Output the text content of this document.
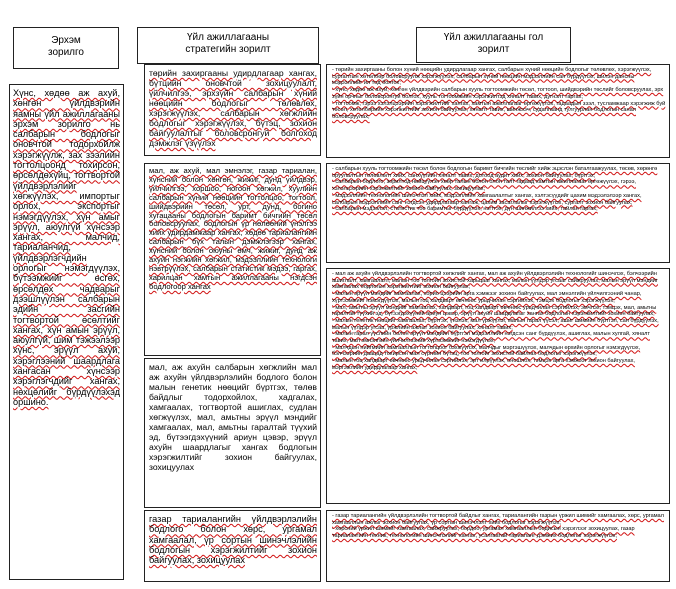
Эрхэм
зорилго
Хүнс, хөдөө аж ахуй, хөнгөн үйлдвэрийн яамны үйл ажиллагааны эрхэм зорилго нь салбарын бодлогыг оновчтой тодорхойлж хэрэгжүүлж, зах зээлийн тогтолцоонд тохирсон, өрсөлдөхүйц, тогтвортой үйлдвэрлэлийг хөгжүүлэх, импортыг орлох, экспортыг нэмэгдүүлэх, хүн амыг эрүүл, аюулгүй хүнсээр хангах, малчид, тариаланчид, үйлдвэрлэгчдийн орлогыг нэмэгдүүлэх, бүтээмжийг өсгөх, өрсөлдөх чадварыг дээшлүүлэн салбарын эдийн засгийн тогтвортой өсөлтийг хангах, хүн амын эрүүл, аюулгүй, шим тэжээлээр хүнс, эрүүл ахуй, хэрэглээний шаардлага хангасан хүнсээр хэрэглэгчдийг хангах, нөхцөлийг бүрдүүлэхэд оршино.
Үйл ажиллагааны
стратегийн зорилт
төрийн захиргааны удирдлагаар хангах, бүтцийн оновчтой зохицуулалт, үйлчилгээ, эрхзүйн салбарын хүний нөөцийн бодлогыг төлөвлөх, хэрэгжүүлэх, салбарын хөгжлийн бодлогыг хэрэгжүүлэх, бүтэц, зохион байгуулалтыг боловсронгуй болгоход дэмжлэг үзүүлэх
мал, аж ахуй, мал эмнэлэг, газар тариалан, хүнсний болон хөнгөн, жижиг, дунд үйлдвэр, үйлчилгээ, хоршоо, ногоон хөгжил, хуулийн салбарын хүний нөөцийн тогтолцоо, тогтоол, шийдвэрийн төсөл, урт, дунд, богино хугацааны бодлогын баримт бичгийн төсөл боловсруулах, бодлогын үр нөлөөний үнэлгээ хийх удирдамжаар хангах, хөдөө тариалангийн салбарын бүх талын дэмжлэгээр хангах, хүнсний болон оюуны өмч, жижиг, дунд аж ахуйн нэгжийн хөгжил, мэдээллийн технологи нэвтрүүлэх, салбарын статистик мэдээ, гаргах, харилцан хамтын ажиллагааны нэгдсэн бодлогоор хангах
мал, аж ахуйн салбарын хөгжлийн мал аж ахуйн үйлдвэрлэлийн бодлого болон малын генетик нөөцийг бүртгэх, төлөв байдлыг тодорхойлох, хадгалах, хамгаалах, тогтвортой ашиглах, судлан хөгжүүлэх, мал, амьтны эрүүл мэндийг хамгаалах, мал, амьтны гаралтай түүхий эд, бүтээгдэхүүний ариун цэвэр, эрүүл ахуйн шаардлагыг хангах бодлогын хэрэгжилтийг зохион байгуулах, зохицуулах
газар тариалангийн үйлдвэрлэлийн бодлого болон хөрс, ургамал хамгаалал, үр сортын шинэчлэлийн бодлогын хэрэгжилтийг зохион байгуулах, зохицуулах
Үйл ажиллагааны гол
зорилт

- төрийн захиргааны болон хүний нөөцийн удирдлагаар хангах, салбарын хүний нөөцийн бодлогыг төлөвлөх, хэрэгжүүлэх, сургалтын хөтөлбөр боловсруулж хэрэгжүүлэх, салбарын хүний нөөцийн мэдээллийн сан бүрдүүлэх, шилэн дансны мэдээллийг ил тод болгох;

- хүнс, хөдөө аж ахуй, хөнгөн үйлдвэрийн салбарын хууль тогтоомжийн төсөл, тогтоол, шийдвэрийн төслийг боловсруулах, эрх зүйн орчныг боловсронгуй болгох, хууль тогтоомжийн хэрэгжилтэд хяналт тавих, дүгнэлт гаргах;

- тогтоомж, гэрээ хэлэлцээрийн хэрэгжилтийг хангах, хамтын ажиллагааг өргөжүүлэх, гадаадын зээл, тусламжаар хэрэгжиж буй төсөл, хөтөлбөрийн хэрэгжилтийг зохион байгуулах, хяналт тавих, шинжээч, судалгаанд тулгуурлан бодлогын санал боловсруулах;

- салбарын хууль тогтоомжийн төсөл болон бодлогын баримт бичгийн төслийг хийж эцэслэн баталгаажуулах, төсөв, хөрөнгө оруулалтын төлөвлөлт хийх, санхүүгийн хяналт тавих, дотоод аудит хийх, зохион байгуулах, бүртгэх;

- салбарын бодлого, зорилтод нийцүүлэн хөөр талын болон олон талт гадаад хамтын ажиллагааг өргөжүүлэх, гэрээ, хэлэлцээрийн хэрэгжилтийг зохион байгуулах, зохицуулах;

- мэдээллийн технологийн шинэчлэл хийх, мэдээллийн хамгаалалтыг хангах, хэлтэсүүдийг цахим мэдээлэлээр хангах, салбарын мэдээллийн санг нэгдсэн удирдлагаар хангаж, цахим засаглалыг хэрэгжүүлэх, сургалт зохион байгуулах;

- салбарын мэдээлэл, статистик тоо баримтыг бүрдүүлэх, нэгтгэх, дүн шинжилгээ хийх, тайлан гаргах;

- мал аж ахуйн үйлдвэрлэлийн тогтвортой хөгжлийг хангах, мал аж ахуйн үйлдвэрлэлийн технологийг шинэчлэх, бэлчээрийн ашиглалт, хамгаалалт, малын тоо толгойн зохистой харьцааг хангах, малын үүлдэр угсааг сайжруулах, малын эрүүл мэндийг хамгаалах бодлогын хэрэгжилтийг зохион байгуулах;

- малын эрүүл мэндийг хамгаалах, хорио цээрийн арга хэмжээг зохион байгуулах, мал эмнэлгийн үйлчилгээний чанар, хүртээмжийг нэмэгдүүлэх, малын гоц халдварт өвчнөөс урьдчилан сэргийлэх, тэмцэх бодлогыг хэрэгжүүлэх;

- мал, амьтны эрүүл мэндийг хамгаалах, халдварт, гоц халдварт өвчнөөс урьдчилан сэргийлэх, эмчлэх, тэмцэх, мал, амьтны гаралтай түүхий эд, бүтээгдэхүүний ариун цэвэр, эрүүл ахуйн шаардлагыг хангах бодлогын хэрэгжилтийг зохион байгуулах;

- малын генетик нөөцийг хамгаалах, бүртгэх, үнэлэх, мал үржүүлэг, малын гарал үүсэл, ашиг шимийн бүртгэл, сан бүрдүүлэх, малын үүлдэр угсаа, үржлийн ажлыг зохион байгуулах, хяналт тавих;

- малын гарал үүслийн болон эрүүл мэндийн бүртгэл мэдээллийн нэгдсэн санг бүрдүүлэх, ашиглах, малын хулгай, хяналт тавих, мал эмнэлгийн үйлчилгээний хүртээмжийг нэмэгдүүлэх;

- малчдын нийгмийн хамгааллын тогтолцоог бэхжүүлэх, малчдыг мэргэшүүлэх, малчдын өрхийн орлогыг нэмэгдүүлэх, бэлчээрийн даацад тохирсон мал сүргийн бүтэц, тоо толгойг зохистой байлгах бодлогыг хэрэгжүүлэх;

- малын гоц халдварт өвчнөөс урьдчилан сэргийлэх, эрт илрүүлэх, оношлох, тэмцэх арга хэмжээг зохион байгуулах, мэргэжлийн удирдлагаар хангах;

- газар тариалангийн үйлдвэрлэлийн тогтвортой байдлыг хангах, тариалангийн газрын үржил шимийг хамгаалах, хөрс, ургамал хамгааллын ажлыг зохион байгуулах, үр сортын шинэчлэлт хийх бодлогыг хэрэгжүүлэх;

- хөрсний үржил шимийг хамгаалах, сайжруулах, бордоо, ургамал хамгааллын бодисын хэрэглээг зохицуулах, газар тариалангийн техник, технологийн шинэчлэлийг хангах, усалгаатай тариаланг дэмжих бодлогыг хэрэгжүүлэх;
